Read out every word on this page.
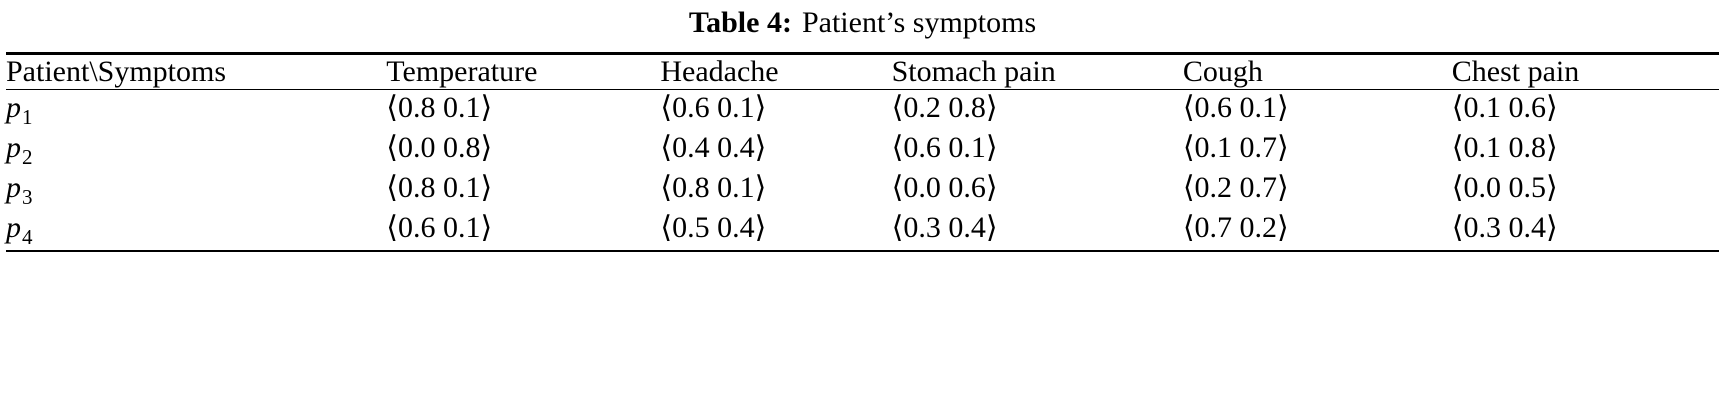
Table 4: Patient’s symptoms

Patient\Symptoms	Temperature	Headache	Stomach pain	Cough	Chest pain

$p_1$	⟨0.8 0.1⟩	⟨0.6 0.1⟩	⟨0.2 0.8⟩	⟨0.6 0.1⟩	⟨0.1 0.6⟩
$p_2$	⟨0.0 0.8⟩	⟨0.4 0.4⟩	⟨0.6 0.1⟩	⟨0.1 0.7⟩	⟨0.1 0.8⟩
$p_3$	⟨0.8 0.1⟩	⟨0.8 0.1⟩	⟨0.0 0.6⟩	⟨0.2 0.7⟩	⟨0.0 0.5⟩
$p_4$	⟨0.6 0.1⟩	⟨0.5 0.4⟩	⟨0.3 0.4⟩	⟨0.7 0.2⟩	⟨0.3 0.4⟩
